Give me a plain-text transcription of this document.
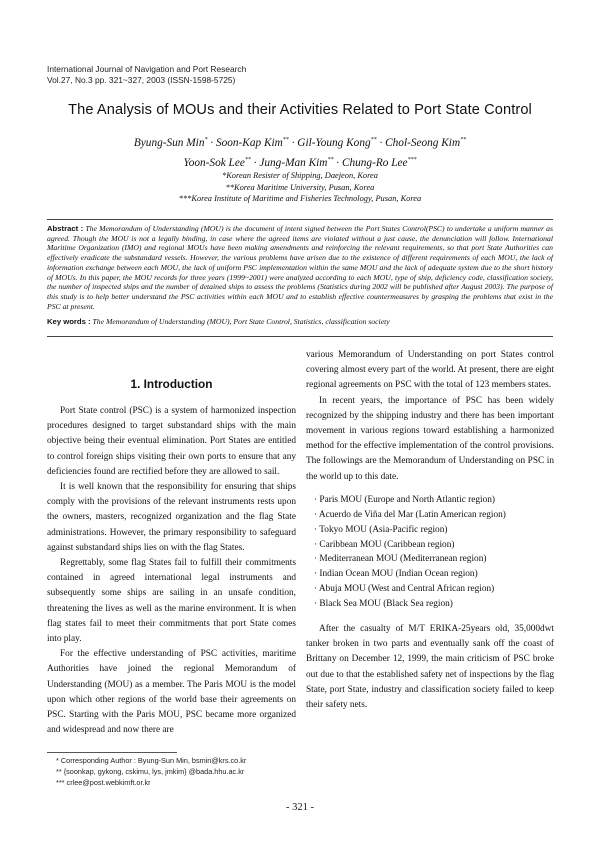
International Journal of Navigation and Port Research
Vol.27, No.3 pp. 321~327, 2003 (ISSN-1598-5725)
The Analysis of MOUs and their Activities Related to Port State Control
Byung-Sun Min* · Soon-Kap Kim** · Gil-Young Kong** · Chol-Seong Kim**
Yoon-Sok Lee** · Jung-Man Kim** · Chung-Ro Lee***
*Korean Resister of Shipping, Daejeon, Korea
**Korea Maritime University, Pusan, Korea
***Korea Institute of Maritime and Fisheries Technology, Pusan, Korea
Abstract : The Memorandum of Understanding (MOU) is the document of intent signed between the Port States Control(PSC) to undertake a uniform manner as agreed. Though the MOU is not a legally binding, in case where the agreed items are violated without a just cause, the denunciation will follow. International Maritime Organization (IMO) and regional MOUs have been making amendments and reinforcing the relevant requirements, so that port State Authorities can effectively eradicate the substandard vessels. However, the various problems have arisen due to the existence of different requirements of each MOU, the lack of information exchange between each MOU, the lack of uniform PSC implementation within the same MOU and the lack of adequate system due to the short history of MOUs. In this paper, the MOU records for three years (1999~2001) were analyzed according to each MOU, type of ship, deficiency code, classification society, the number of inspected ships and the number of detained ships to assess the problems (Statistics during 2002 will be published after August 2003). The purpose of this study is to help better understand the PSC activities within each MOU and to establish effective countermeasures by grasping the problems that exist in the PSC at present.
Key words : The Memorandum of Understanding (MOU), Port State Control, Statistics, classification society
1. Introduction

Port State control (PSC) is a system of harmonized inspection procedures designed to target substandard ships with the main objective being their eventual elimination. Port States are entitled to control foreign ships visiting their own ports to ensure that any deficiencies found are rectified before they are allowed to sail.

It is well known that the responsibility for ensuring that ships comply with the provisions of the relevant instruments rests upon the owners, masters, recognized organization and the flag State administrations. However, the primary responsibility to safeguard against substandard ships lies on with the flag States.

Regrettably, some flag States fail to fulfill their commitments contained in agreed international legal instruments and subsequently some ships are sailing in an unsafe condition, threatening the lives as well as the marine environment. It is when flag states fail to meet their commitments that port State comes into play.

For the effective understanding of PSC activities, maritime Authorities have joined the regional Memorandum of Understanding (MOU) as a member. The Paris MOU is the model upon which other regions of the world base their agreements on PSC. Starting with the Paris MOU, PSC became more organized and widespread and now there are

various Memorandum of Understanding on port States control covering almost every part of the world. At present, there are eight regional agreements on PSC with the total of 123 members states.

In recent years, the importance of PSC has been widely recognized by the shipping industry and there has been important movement in various regions toward establishing a harmonized method for the effective implementation of the control provisions. The followings are the Memorandum of Understanding on PSC in the world up to this date.

· Paris MOU (Europe and North Atlantic region)
· Acuerdo de Viña del Mar (Latin American region)
· Tokyo MOU (Asia-Pacific region)
· Caribbean MOU (Caribbean region)
· Mediterranean MOU (Mediterranean region)
· Indian Ocean MOU (Indian Ocean region)
· Abuja MOU (West and Central African region)
· Black Sea MOU (Black Sea region)

After the casualty of M/T ERIKA-25years old, 35,000dwt tanker broken in two parts and eventually sank off the coast of Brittany on December 12, 1999, the main criticism of PSC broke out due to that the established safety net of inspections by the flag State, port State, industry and classification society failed to keep their safety nets.

* Corresponding Author : Byung-Sun Min, bsmin@krs.co.kr
** {soonkap, gykong, cskimu, lys, jmkim} @bada.hhu.ac.kr
*** crlee@post.webkimft.or.kr
- 321 -
